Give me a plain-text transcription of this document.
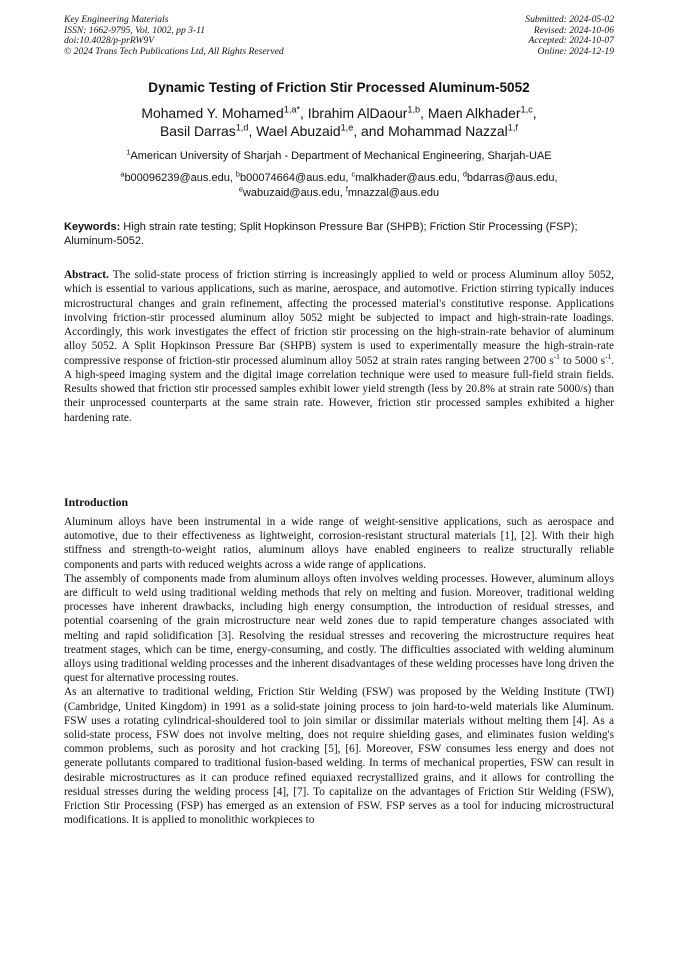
Key Engineering Materials
ISSN: 1662-9795, Vol. 1002, pp 3-11
doi:10.4028/p-prRW9V
© 2024 Trans Tech Publications Ltd, All Rights Reserved
Submitted: 2024-05-02
Revised: 2024-10-06
Accepted: 2024-10-07
Online: 2024-12-19
Dynamic Testing of Friction Stir Processed Aluminum-5052
Mohamed Y. Mohamed$^{1,a*}$, Ibrahim AlDaour$^{1,b}$, Maen Alkhader$^{1,c}$,
Basil Darras$^{1,d}$, Wael Abuzaid$^{1,e}$, and Mohammad Nazzal$^{1,f}$
$^1$American University of Sharjah - Department of Mechanical Engineering, Sharjah-UAE
$^a$b00096239@aus.edu, $^b$b00074664@aus.edu, $^c$malkhader@aus.edu, $^d$bdarras@aus.edu,
$^e$wabuzaid@aus.edu, $^f$mnazzal@aus.edu
Keywords: High strain rate testing; Split Hopkinson Pressure Bar (SHPB); Friction Stir Processing (FSP); Aluminum-5052.
Abstract. The solid-state process of friction stirring is increasingly applied to weld or process Aluminum alloy 5052, which is essential to various applications, such as marine, aerospace, and automotive. Friction stirring typically induces microstructural changes and grain refinement, affecting the processed material's constitutive response. Applications involving friction-stir processed aluminum alloy 5052 might be subjected to impact and high-strain-rate loadings. Accordingly, this work investigates the effect of friction stir processing on the high-strain-rate behavior of aluminum alloy 5052. A Split Hopkinson Pressure Bar (SHPB) system is used to experimentally measure the high-strain-rate compressive response of friction-stir processed aluminum alloy 5052 at strain rates ranging between 2700 $s^{-1}$ to 5000 $s^{-1}$. A high-speed imaging system and the digital image correlation technique were used to measure full-field strain fields. Results showed that friction stir processed samples exhibit lower yield strength (less by 20.8% at strain rate 5000/s) than their unprocessed counterparts at the same strain rate. However, friction stir processed samples exhibited a higher hardening rate.
Introduction

Aluminum alloys have been instrumental in a wide range of weight-sensitive applications, such as aerospace and automotive, due to their effectiveness as lightweight, corrosion-resistant structural materials [1], [2]. With their high stiffness and strength-to-weight ratios, aluminum alloys have enabled engineers to realize structurally reliable components and parts with reduced weights across a wide range of applications.

The assembly of components made from aluminum alloys often involves welding processes. However, aluminum alloys are difficult to weld using traditional welding methods that rely on melting and fusion. Moreover, traditional welding processes have inherent drawbacks, including high energy consumption, the introduction of residual stresses, and potential coarsening of the grain microstructure near weld zones due to rapid temperature changes associated with melting and rapid solidification [3]. Resolving the residual stresses and recovering the microstructure requires heat treatment stages, which can be time, energy-consuming, and costly. The difficulties associated with welding aluminum alloys using traditional welding processes and the inherent disadvantages of these welding processes have long driven the quest for alternative processing routes.

As an alternative to traditional welding, Friction Stir Welding (FSW) was proposed by the Welding Institute (TWI) (Cambridge, United Kingdom) in 1991 as a solid-state joining process to join hard-to-weld materials like Aluminum. FSW uses a rotating cylindrical-shouldered tool to join similar or dissimilar materials without melting them [4]. As a solid-state process, FSW does not involve melting, does not require shielding gases, and eliminates fusion welding's common problems, such as porosity and hot cracking [5], [6]. Moreover, FSW consumes less energy and does not generate pollutants compared to traditional fusion-based welding. In terms of mechanical properties, FSW can result in desirable microstructures as it can produce refined equiaxed recrystallized grains, and it allows for controlling the residual stresses during the welding process [4], [7]. To capitalize on the advantages of Friction Stir Welding (FSW), Friction Stir Processing (FSP) has emerged as an extension of FSW. FSP serves as a tool for inducing microstructural modifications. It is applied to monolithic workpieces to
